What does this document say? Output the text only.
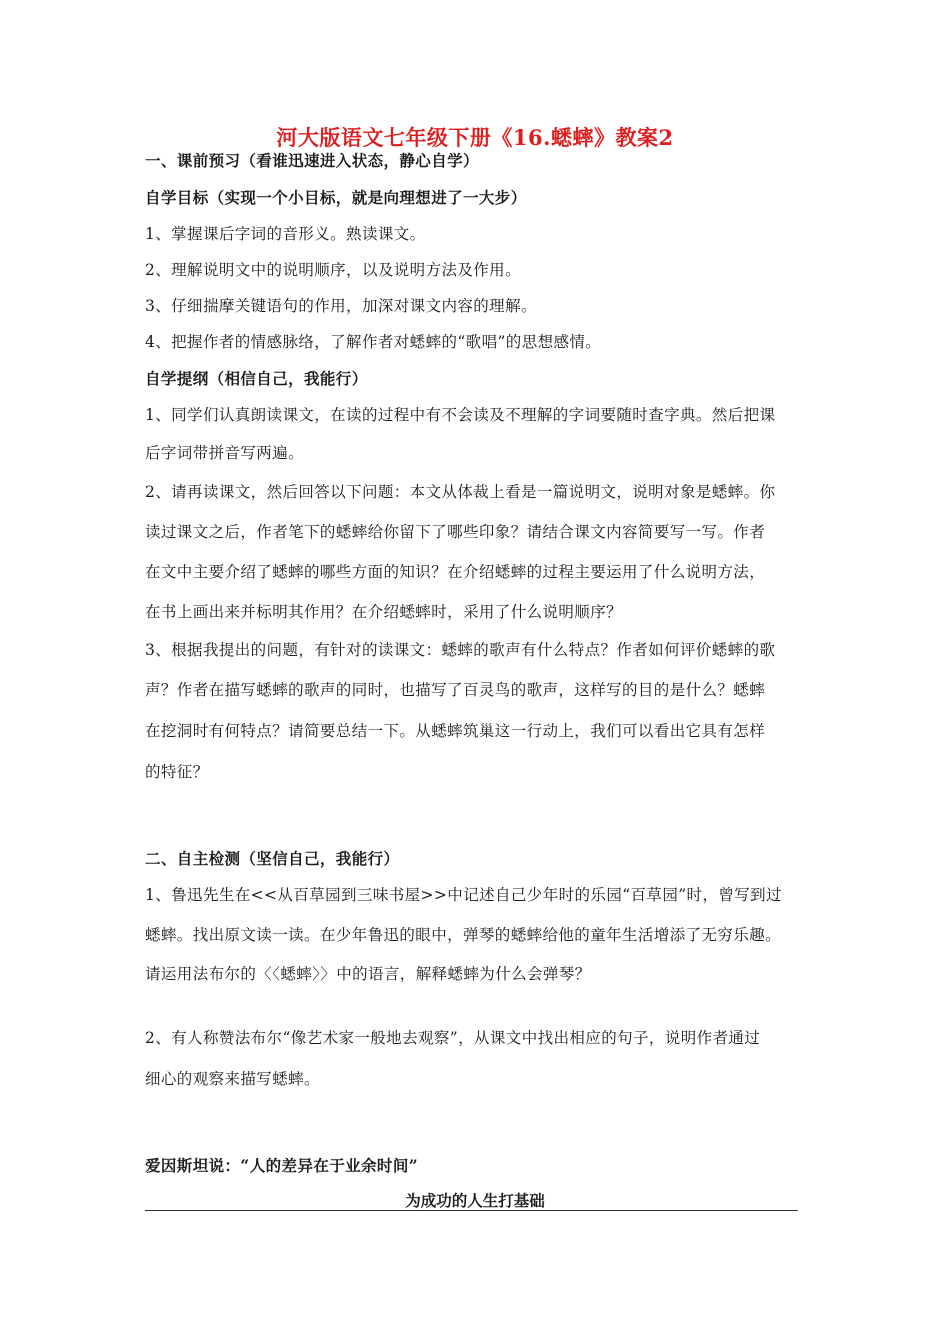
河大版语文七年级下册《16.蟋蟀》教案2
一、课前预习（看谁迅速进入状态，静心自学）
自学目标（实现一个小目标，就是向理想进了一大步）
1、掌握课后字词的音形义。熟读课文。
2、理解说明文中的说明顺序，以及说明方法及作用。
3、仔细揣摩关键语句的作用，加深对课文内容的理解。
4、把握作者的情感脉络，了解作者对蟋蟀的“歌唱”的思想感情。
自学提纲（相信自己，我能行）
1、同学们认真朗读课文，在读的过程中有不会读及不理解的字词要随时查字典。然后把课
后字词带拼音写两遍。
2、请再读课文，然后回答以下问题：本文从体裁上看是一篇说明文，说明对象是蟋蟀。你
读过课文之后，作者笔下的蟋蟀给你留下了哪些印象？请结合课文内容简要写一写。作者
在文中主要介绍了蟋蟀的哪些方面的知识？在介绍蟋蟀的过程主要运用了什么说明方法，
在书上画出来并标明其作用？在介绍蟋蟀时，采用了什么说明顺序？
3、根据我提出的问题，有针对的读课文：蟋蟀的歌声有什么特点？作者如何评价蟋蟀的歌
声？作者在描写蟋蟀的歌声的同时，也描写了百灵鸟的歌声，这样写的目的是什么？蟋蟀
在挖洞时有何特点？请简要总结一下。从蟋蟀筑巢这一行动上，我们可以看出它具有怎样
的特征？
二、自主检测（坚信自己，我能行）
1、鲁迅先生在<<从百草园到三味书屋>>中记述自己少年时的乐园“百草园”时，曾写到过
蟋蟀。找出原文读一读。在少年鲁迅的眼中，弹琴的蟋蟀给他的童年生活增添了无穷乐趣。
请运用法布尔的〈〈蟋蟀〉〉中的语言，解释蟋蟀为什么会弹琴？
2、有人称赞法布尔“像艺术家一般地去观察”，从课文中找出相应的句子，说明作者通过
细心的观察来描写蟋蟀。
爱因斯坦说：“人的差异在于业余时间”
为成功的人生打基础
